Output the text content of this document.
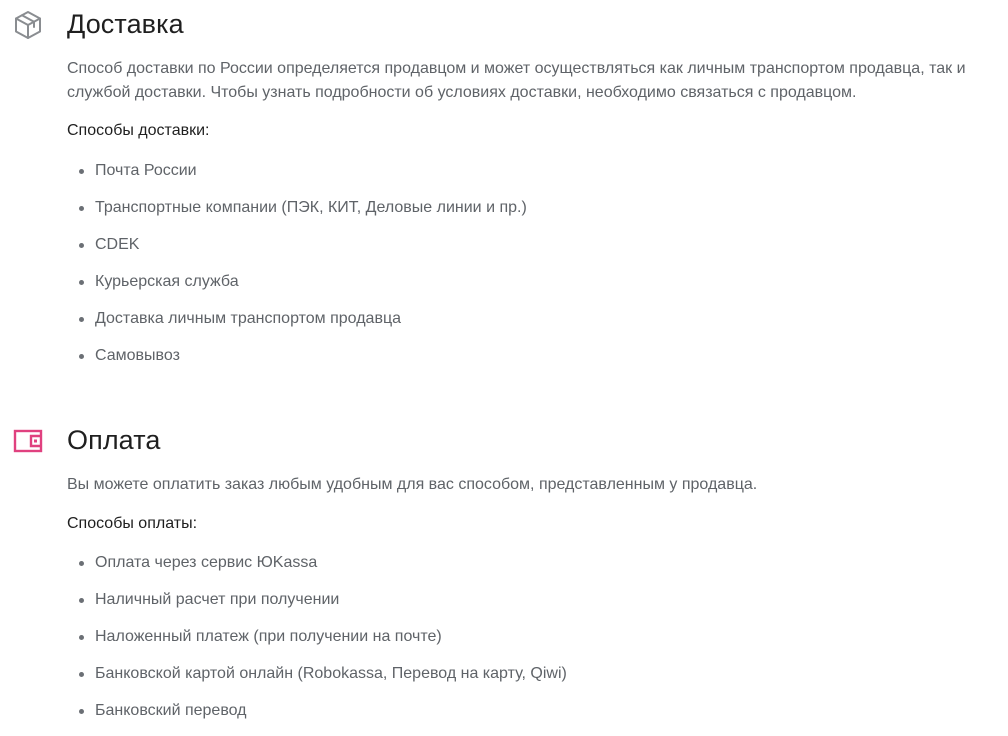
Доставка

Способ доставки по России определяется продавцом и может осуществляться как личным транспортом продавца, так и службой доставки. Чтобы узнать подробности об условиях доставки, необходимо связаться с продавцом.

Способы доставки:

Почта России
Транспортные компании (ПЭК, КИТ, Деловые линии и пр.)
CDEK
Курьерская служба
Доставка личным транспортом продавца
Самовывоз
Оплата

Вы можете оплатить заказ любым удобным для вас способом, представленным у продавца.

Способы оплаты:

Оплата через сервис ЮKassa
Наличный расчет при получении
Наложенный платеж (при получении на почте)
Банковской картой онлайн (Robokassa, Перевод на карту, Qiwi)
Банковский перевод
